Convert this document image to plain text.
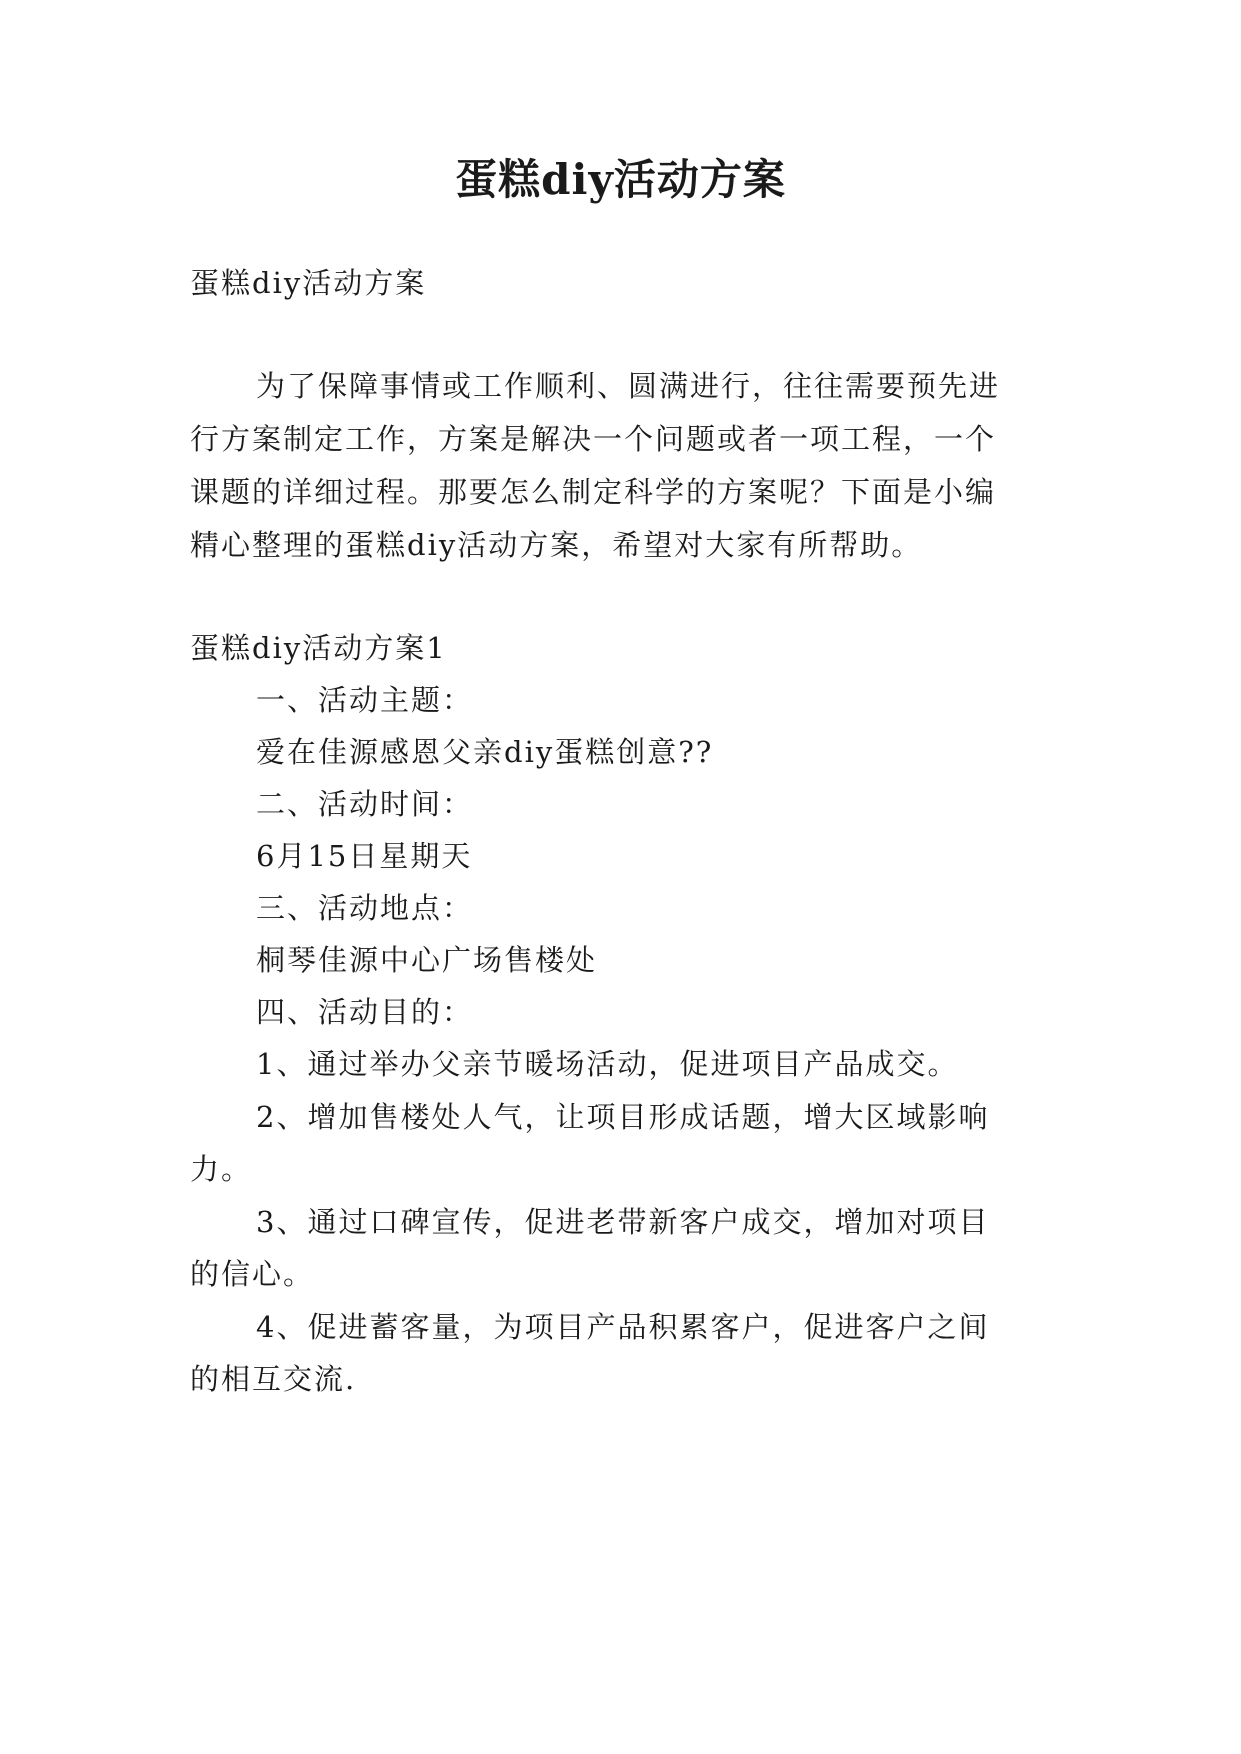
蛋糕diy活动方案
蛋糕diy活动方案
为了保障事情或工作顺利、圆满进行，往往需要预先进
行方案制定工作，方案是解决一个问题或者一项工程，一个
课题的详细过程。那要怎么制定科学的方案呢？下面是小编
精心整理的蛋糕diy活动方案，希望对大家有所帮助。
蛋糕diy活动方案1
一、活动主题：
爱在佳源感恩父亲diy蛋糕创意??
二、活动时间：
6月15日星期天
三、活动地点：
桐琴佳源中心广场售楼处
四、活动目的：
1、通过举办父亲节暖场活动，促进项目产品成交。
2、增加售楼处人气，让项目形成话题，增大区域影响
力。
3、通过口碑宣传，促进老带新客户成交，增加对项目
的信心。
4、促进蓄客量，为项目产品积累客户，促进客户之间
的相互交流.
